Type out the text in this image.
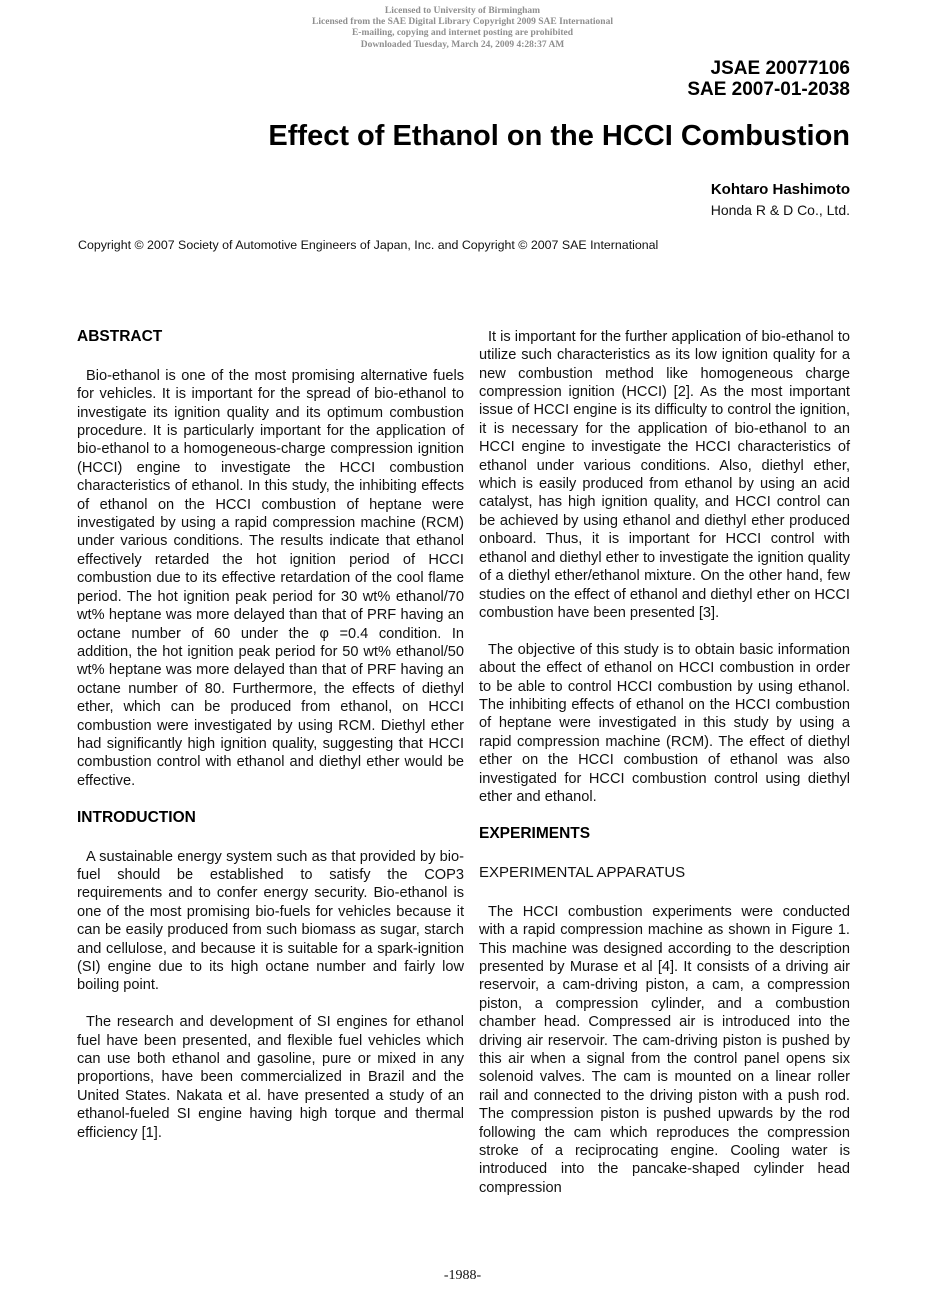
Licensed to University of Birmingham
Licensed from the SAE Digital Library Copyright 2009 SAE International
E-mailing, copying and internet posting are prohibited
Downloaded Tuesday, March 24, 2009 4:28:37 AM
JSAE 20077106
SAE 2007-01-2038
Effect of Ethanol on the HCCI Combustion
Kohtaro Hashimoto
Honda R & D Co., Ltd.
Copyright © 2007 Society of Automotive Engineers of Japan, Inc. and Copyright © 2007 SAE International
ABSTRACT

Bio-ethanol is one of the most promising alternative fuels for vehicles. It is important for the spread of bio-ethanol to investigate its ignition quality and its optimum combustion procedure. It is particularly important for the application of bio-ethanol to a homogeneous-charge compression ignition (HCCI) engine to investigate the HCCI combustion characteristics of ethanol. In this study, the inhibiting effects of ethanol on the HCCI combustion of heptane were investigated by using a rapid compression machine (RCM) under various conditions. The results indicate that ethanol effectively retarded the hot ignition period of HCCI combustion due to its effective retardation of the cool flame period. The hot ignition peak period for 30 wt% ethanol/70 wt% heptane was more delayed than that of PRF having an octane number of 60 under the φ =0.4 condition. In addition, the hot ignition peak period for 50 wt% ethanol/50 wt% heptane was more delayed than that of PRF having an octane number of 80. Furthermore, the effects of diethyl ether, which can be produced from ethanol, on HCCI combustion were investigated by using RCM. Diethyl ether had significantly high ignition quality, suggesting that HCCI combustion control with ethanol and diethyl ether would be effective.

INTRODUCTION

A sustainable energy system such as that provided by bio-fuel should be established to satisfy the COP3 requirements and to confer energy security. Bio-ethanol is one of the most promising bio-fuels for vehicles because it can be easily produced from such biomass as sugar, starch and cellulose, and because it is suitable for a spark-ignition (SI) engine due to its high octane number and fairly low boiling point.

The research and development of SI engines for ethanol fuel have been presented, and flexible fuel vehicles which can use both ethanol and gasoline, pure or mixed in any proportions, have been commercialized in Brazil and the United States. Nakata et al. have presented a study of an ethanol-fueled SI engine having high torque and thermal efficiency [1].

It is important for the further application of bio-ethanol to utilize such characteristics as its low ignition quality for a new combustion method like homogeneous charge compression ignition (HCCI) [2]. As the most important issue of HCCI engine is its difficulty to control the ignition, it is necessary for the application of bio-ethanol to an HCCI engine to investigate the HCCI characteristics of ethanol under various conditions. Also, diethyl ether, which is easily produced from ethanol by using an acid catalyst, has high ignition quality, and HCCI control can be achieved by using ethanol and diethyl ether produced onboard. Thus, it is important for HCCI control with ethanol and diethyl ether to investigate the ignition quality of a diethyl ether/ethanol mixture. On the other hand, few studies on the effect of ethanol and diethyl ether on HCCI combustion have been presented [3].

The objective of this study is to obtain basic information about the effect of ethanol on HCCI combustion in order to be able to control HCCI combustion by using ethanol. The inhibiting effects of ethanol on the HCCI combustion of heptane were investigated in this study by using a rapid compression machine (RCM). The effect of diethyl ether on the HCCI combustion of ethanol was also investigated for HCCI combustion control using diethyl ether and ethanol.

EXPERIMENTS
EXPERIMENTAL APPARATUS

The HCCI combustion experiments were conducted with a rapid compression machine as shown in Figure 1. This machine was designed according to the description presented by Murase et al [4]. It consists of a driving air reservoir, a cam-driving piston, a cam, a compression piston, a compression cylinder, and a combustion chamber head. Compressed air is introduced into the driving air reservoir. The cam-driving piston is pushed by this air when a signal from the control panel opens six solenoid valves. The cam is mounted on a linear roller rail and connected to the driving piston with a push rod. The compression piston is pushed upwards by the rod following the cam which reproduces the compression stroke of a reciprocating engine. Cooling water is introduced into the pancake-shaped cylinder head compression

-1988-
